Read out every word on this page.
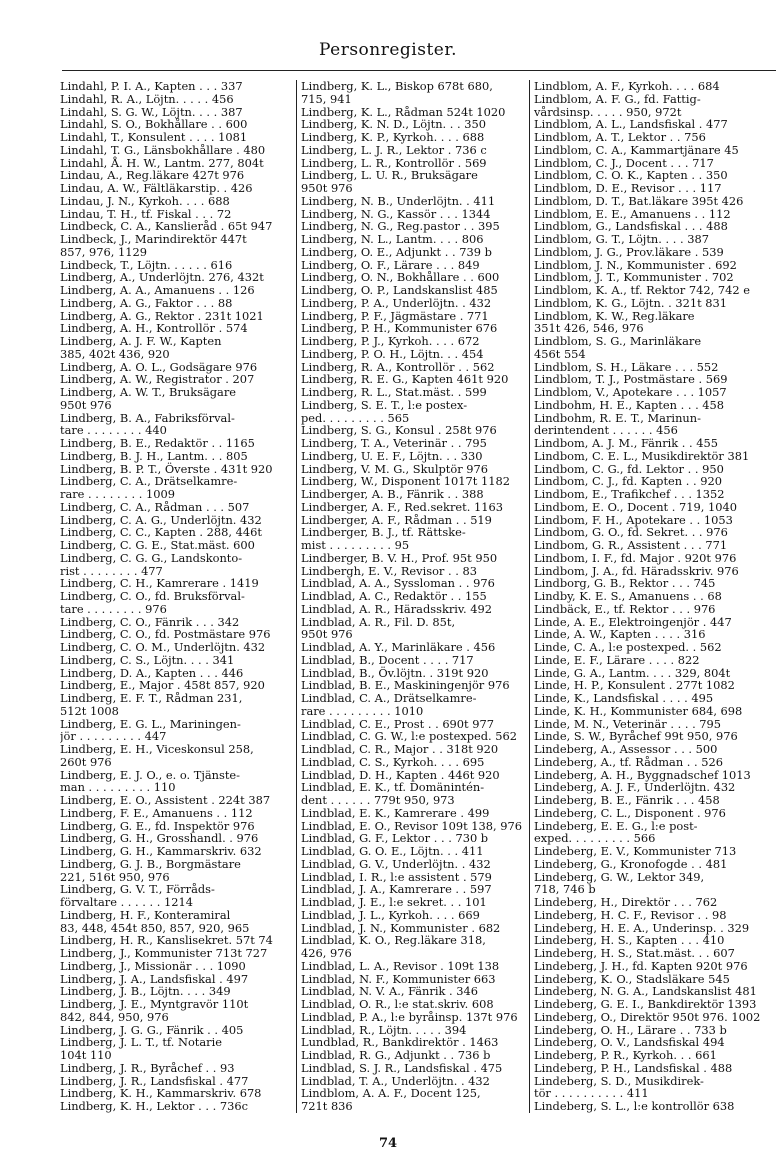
Personregister.
Lindahl, P. I. A., Kapten . . . 337
Lindahl, R. A., Löjtn. . . . . 456
Lindahl, S. G. W., Löjtn. . . . 387
Lindahl, S. O., Bokhållare . . 600
Lindahl, T., Konsulent . . . . 1081
Lindahl, T. G., Länsbokhållare . 480
Lindahl, Å. H. W., Lantm. 277, 804t
Lindau, A., Reg.läkare 427t 976
Lindau, A. W., Fältläkarstip. . 426
Lindau, J. N., Kyrkoh. . . . 688
Lindau, T. H., tf. Fiskal . . . 72
Lindbeck, C. A., Kanslieråd . 65t 947
Lindbeck, J., Marindirektör 447t
857, 976, 1129
Lindbeck, T., Löjtn. . . . . . 616
Lindberg, A., Underlöjtn. 276, 432t
Lindberg, A. A., Amanuens . . 126
Lindberg, A. G., Faktor . . . 88
Lindberg, A. G., Rektor . 231t 1021
Lindberg, A. H., Kontrollör . 574
Lindberg, A. J. F. W., Kapten
385, 402t 436, 920
Lindberg, A. O. L., Godsägare 976
Lindberg, A. W., Registrator . 207
Lindberg, A. W. T., Bruksägare
950t 976
Lindberg, B. A., Fabriksförval-
tare . . . . . . . . 440
Lindberg, B. E., Redaktör . . 1165
Lindberg, B. J. H., Lantm. . . 805
Lindberg, B. P. T., Överste . 431t 920
Lindberg, C. A., Drätselkamre-
rare . . . . . . . . 1009
Lindberg, C. A., Rådman . . . 507
Lindberg, C. A. G., Underlöjtn. 432
Lindberg, C. C., Kapten . 288, 446t
Lindberg, C. G. E., Stat.mäst. 600
Lindberg, C. G. G., Landskonto-
rist . . . . . . . . 477
Lindberg, C. H., Kamrerare . 1419
Lindberg, C. O., fd. Bruksförval-
tare . . . . . . . . 976
Lindberg, C. O., Fänrik . . . 342
Lindberg, C. O., fd. Postmästare 976
Lindberg, C. O. M., Underlöjtn. 432
Lindberg, C. S., Löjtn. . . . 341
Lindberg, D. A., Kapten . . . 446
Lindberg, E., Major . 458t 857, 920
Lindberg, E. F. T., Rådman 231,
512t 1008
Lindberg, E. G. L., Mariningen-
jör . . . . . . . . . 447
Lindberg, E. H., Viceskonsul 258,
260t 976
Lindberg, E. J. O., e. o. Tjänste-
man . . . . . . . . . 110
Lindberg, E. O., Assistent . 224t 387
Lindberg, F. E., Amanuens . . 112
Lindberg, G. E., fd. Inspektör 976
Lindberg, G. H., Grosshandl. . 976
Lindberg, G. H., Kammarskriv. 632
Lindberg, G. J. B., Borgmästare
221, 516t 950, 976
Lindberg, G. V. T., Förråds-
förvaltare . . . . . . 1214
Lindberg, H. F., Konteramiral
83, 448, 454t 850, 857, 920, 965
Lindberg, H. R., Kanslisekret. 57t 74
Lindberg, J., Kommunister 713t 727
Lindberg, J., Missionär . . . 1090
Lindberg, J. A., Landsfiskal . 497
Lindberg, J. B., Löjtn. . . . 349
Lindberg, J. E., Myntgravör 110t
842, 844, 950, 976
Lindberg, J. G. G., Fänrik . . 405
Lindberg, J. L. T., tf. Notarie
104t 110
Lindberg, J. R., Byråchef . . 93
Lindberg, J. R., Landsfiskal . 477
Lindberg, K. H., Kammarskriv. 678
Lindberg, K. H., Lektor . . . 736c
Lindberg, K. L., Biskop 678t 680,
715, 941
Lindberg, K. L., Rådman 524t 1020
Lindberg, K. N. D., Löjtn. . . 350
Lindberg, K. P., Kyrkoh. . . . 688
Lindberg, L. J. R., Lektor . 736 c
Lindberg, L. R., Kontrollör . 569
Lindberg, L. U. R., Bruksägare
950t 976
Lindberg, N. B., Underlöjtn. . 411
Lindberg, N. G., Kassör . . . 1344
Lindberg, N. G., Reg.pastor . . 395
Lindberg, N. L., Lantm. . . . 806
Lindberg, O. E., Adjunkt . . 739 b
Lindberg, O. F., Lärare . . . 849
Lindberg, O. N., Bokhållare . . 600
Lindberg, O. P., Landskanslist 485
Lindberg, P. A., Underlöjtn. . 432
Lindberg, P. F., Jägmästare . 771
Lindberg, P. H., Kommunister 676
Lindberg, P. J., Kyrkoh. . . . 672
Lindberg, P. O. H., Löjtn. . . 454
Lindberg, R. A., Kontrollör . . 562
Lindberg, R. E. G., Kapten 461t 920
Lindberg, R. L., Stat.mäst. . 599
Lindberg, S. E. T., l:e postex-
ped. . . . . . . . . 565
Lindberg, S. G., Konsul . 258t 976
Lindberg, T. A., Veterinär . . 795
Lindberg, U. E. F., Löjtn. . . 330
Lindberg, V. M. G., Skulptör 976
Lindberg, W., Disponent 1017t 1182
Lindberger, A. B., Fänrik . . 388
Lindberger, A. F., Red.sekret. 1163
Lindberger, A. F., Rådman . . 519
Lindberger, B. J., tf. Rättske-
mist . . . . . . . . . 95
Lindberger, B. V. H., Prof. 95t 950
Lindbergh, E. V., Revisor . . 83
Lindblad, A. A., Syssloman . . 976
Lindblad, A. C., Redaktör . . 155
Lindblad, A. R., Häradsskriv. 492
Lindblad, A. R., Fil. D. 85t,
950t 976
Lindblad, A. Y., Marinläkare . 456
Lindblad, B., Docent . . . . 717
Lindblad, B., Öv.löjtn. . 319t 920
Lindblad, B. E., Maskiningenjör 976
Lindblad, C. A., Drätselkamre-
rare . . . . . . . . . 1010
Lindblad, C. E., Prost . . 690t 977
Lindblad, C. G. W., l:e postexped. 562
Lindblad, C. R., Major . . 318t 920
Lindblad, C. S., Kyrkoh. . . . 695
Lindblad, D. H., Kapten . 446t 920
Lindblad, E. K., tf. Domänintén-
dent . . . . . . 779t 950, 973
Lindblad, E. K., Kamrerare . 499
Lindblad, E. O., Revisor 109t 138, 976
Lindblad, G. F., Lektor . . . 730 b
Lindblad, G. O. E., Löjtn. . . 411
Lindblad, G. V., Underlöjtn. . 432
Lindblad, I. R., l:e assistent . 579
Lindblad, J. A., Kamrerare . . 597
Lindblad, J. E., l:e sekret. . . 101
Lindblad, J. L., Kyrkoh. . . . 669
Lindblad, J. N., Kommunister . 682
Lindblad, K. O., Reg.läkare 318,
426, 976
Lindblad, L. A., Revisor . 109t 138
Lindblad, N. F., Kommunister 663
Lindblad, N. V. A., Fänrik . 346
Lindblad, O. R., l:e stat.skriv. 608
Lindblad, P. A., l:e byråinsp. 137t 976
Lindblad, R., Löjtn. . . . . 394
Lundblad, R., Bankdirektör . 1463
Lindblad, R. G., Adjunkt . . 736 b
Lindblad, S. J. R., Landsfiskal . 475
Lindblad, T. A., Underlöjtn. . 432
Lindblom, A. A. F., Docent 125,
721t 836
Lindblom, A. F., Kyrkoh. . . . 684
Lindblom, A. F. G., fd. Fattig-
vårdsinsp. . . . . 950, 972t
Lindblom, A. L., Landsfiskal . 477
Lindblom, A. T., Lektor . . 756
Lindblom, C. A., Kammartjänare 45
Lindblom, C. J., Docent . . . 717
Lindblom, C. O. K., Kapten . . 350
Lindblom, D. E., Revisor . . . 117
Lindblom, D. T., Bat.läkare 395t 426
Lindblom, E. E., Amanuens . . 112
Lindblom, G., Landsfiskal . . . 488
Lindblom, G. T., Löjtn. . . . 387
Lindblom, J. G., Prov.läkare . 539
Lindblom, J. N., Kommunister . 692
Lindblom, J. T., Kommunister . 702
Lindblom, K. A., tf. Rektor 742, 742 e
Lindblom, K. G., Löjtn. . 321t 831
Lindblom, K. W., Reg.läkare
351t 426, 546, 976
Lindblom, S. G., Marinläkare
456t 554
Lindblom, S. H., Läkare . . . 552
Lindblom, T. J., Postmästare . 569
Lindblom, V., Apotekare . . . 1057
Lindbohm, H. E., Kapten . . . 458
Lindbohm, R. E. T., Marinun-
derintendent . . . . . . 456
Lindbom, A. J. M., Fänrik . . 455
Lindbom, C. E. L., Musikdirektör 381
Lindbom, C. G., fd. Lektor . . 950
Lindbom, C. J., fd. Kapten . . 920
Lindbom, E., Trafikchef . . . 1352
Lindbom, E. O., Docent . 719, 1040
Lindbom, F. H., Apotekare . . 1053
Lindbom, G. O., fd. Sekret. . . 976
Lindbom, G. R., Assistent . . . 771
Lindbom, I. F., fd. Major . 920t 976
Lindbom, J. A., fd. Häradsskriv. 976
Lindborg, G. B., Rektor . . . 745
Lindby, K. E. S., Amanuens . . 68
Lindbäck, E., tf. Rektor . . . 976
Linde, A. E., Elektroingenjör . 447
Linde, A. W., Kapten . . . . 316
Linde, C. A., l:e postexped. . 562
Linde, E. F., Lärare . . . . 822
Linde, G. A., Lantm. . . . 329, 804t
Linde, H. P., Konsulent . 277t 1082
Linde, K., Landsfiskal . . . . 495
Linde, K. H., Kommunister 684, 698
Linde, M. N., Veterinär . . . . 795
Linde, S. W., Byråchef 99t 950, 976
Lindeberg, A., Assessor . . . 500
Lindeberg, A., tf. Rådman . . 526
Lindeberg, A. H., Byggnadschef 1013
Lindeberg, A. J. F., Underlöjtn. 432
Lindeberg, B. E., Fänrik . . . 458
Lindeberg, C. L., Disponent . 976
Lindeberg, E. E. G., l:e post-
exped. . . . . . . . . 566
Lindeberg, E. V., Kommunister 713
Lindeberg, G., Kronofogde . . 481
Lindeberg, G. W., Lektor 349,
718, 746 b
Lindeberg, H., Direktör . . . 762
Lindeberg, H. C. F., Revisor . . 98
Lindeberg, H. E. A., Underinsp. . 329
Lindeberg, H. S., Kapten . . . 410
Lindeberg, H. S., Stat.mäst. . . 607
Lindeberg, J. H., fd. Kapten 920t 976
Lindeberg, K. O., Stadsläkare 545
Lindeberg, N. G. A., Landskanslist 481
Lindeberg, G. E. I., Bankdirektör 1393
Lindeberg, O., Direktör 950t 976. 1002
Lindeberg, O. H., Lärare . . 733 b
Lindeberg, O. V., Landsfiskal 494
Lindeberg, P. R., Kyrkoh. . . 661
Lindeberg, P. H., Landsfiskal . 488
Lindeberg, S. D., Musikdirek-
tör . . . . . . . . . . 411
Lindeberg, S. L., l:e kontrollör 638
74
